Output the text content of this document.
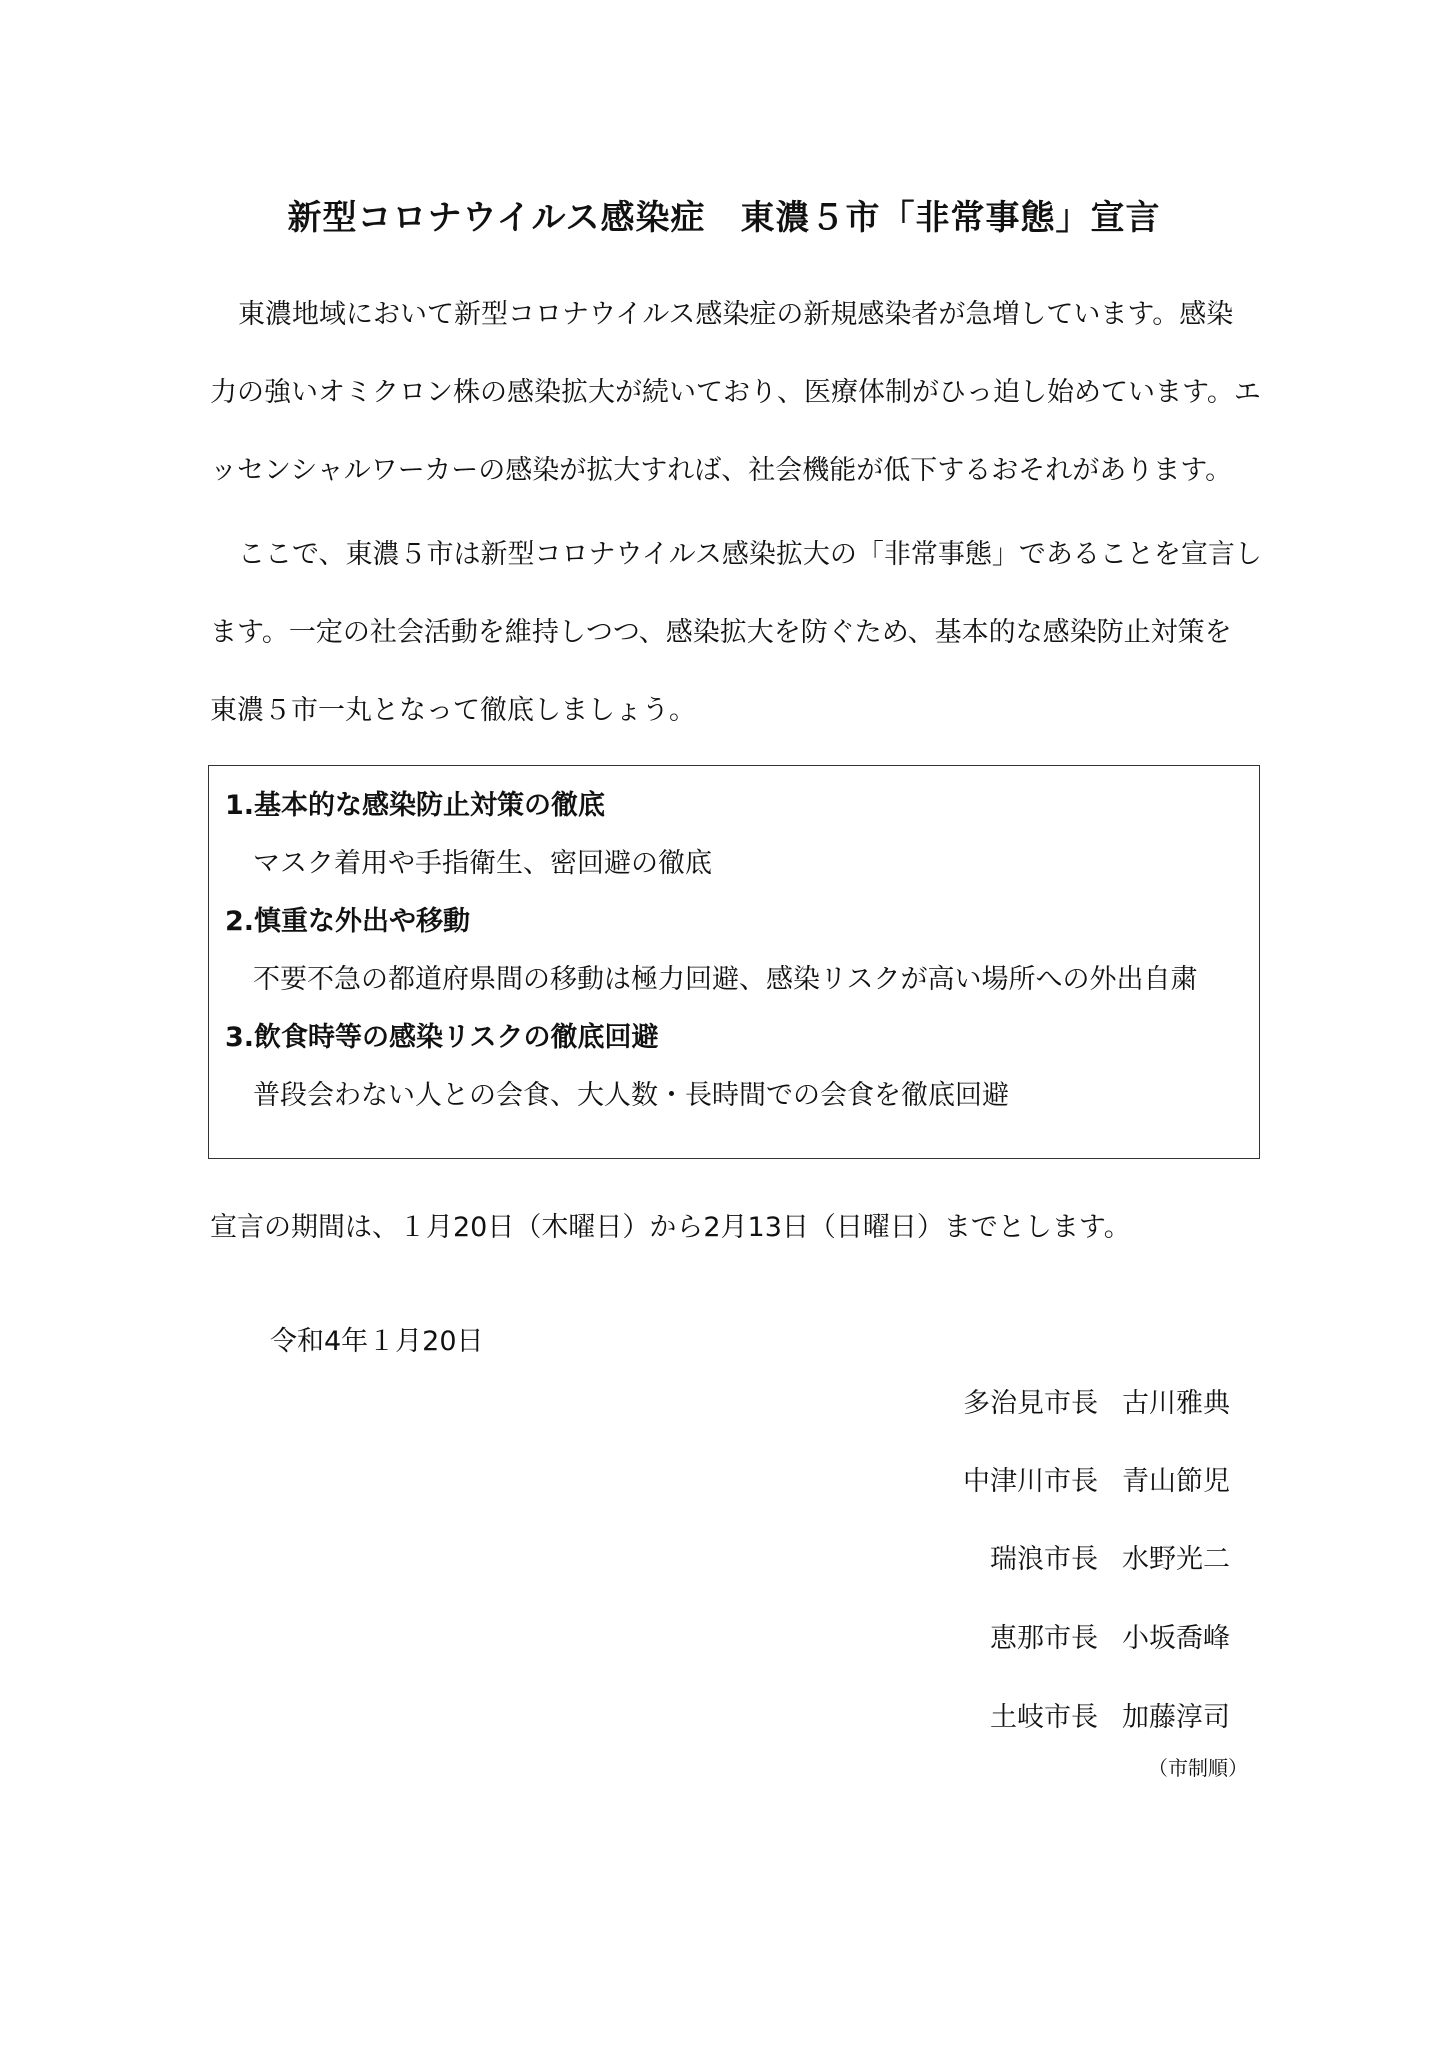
新型コロナウイルス感染症　東濃５市「非常事態」宣言
東濃地域において新型コロナウイルス感染症の新規感染者が急増しています。感染
力の強いオミクロン株の感染拡大が続いており、医療体制がひっ迫し始めています。エ
ッセンシャルワーカーの感染が拡大すれば、社会機能が低下するおそれがあります。
ここで、東濃５市は新型コロナウイルス感染拡大の「非常事態」であることを宣言し
ます。一定の社会活動を維持しつつ、感染拡大を防ぐため、基本的な感染防止対策を
東濃５市一丸となって徹底しましょう。
1.基本的な感染防止対策の徹底
マスク着用や手指衛生、密回避の徹底
2.慎重な外出や移動
不要不急の都道府県間の移動は極力回避、感染リスクが高い場所への外出自粛
3.飲食時等の感染リスクの徹底回避
普段会わない人との会食、大人数・長時間での会食を徹底回避

宣言の期間は、１月20日（木曜日）から2月13日（日曜日）までとします。

令和4年１月20日

多治見市長 古川雅典
中津川市長 青山節児
瑞浪市長 水野光二
恵那市長 小坂喬峰
土岐市長 加藤淳司

（市制順）
